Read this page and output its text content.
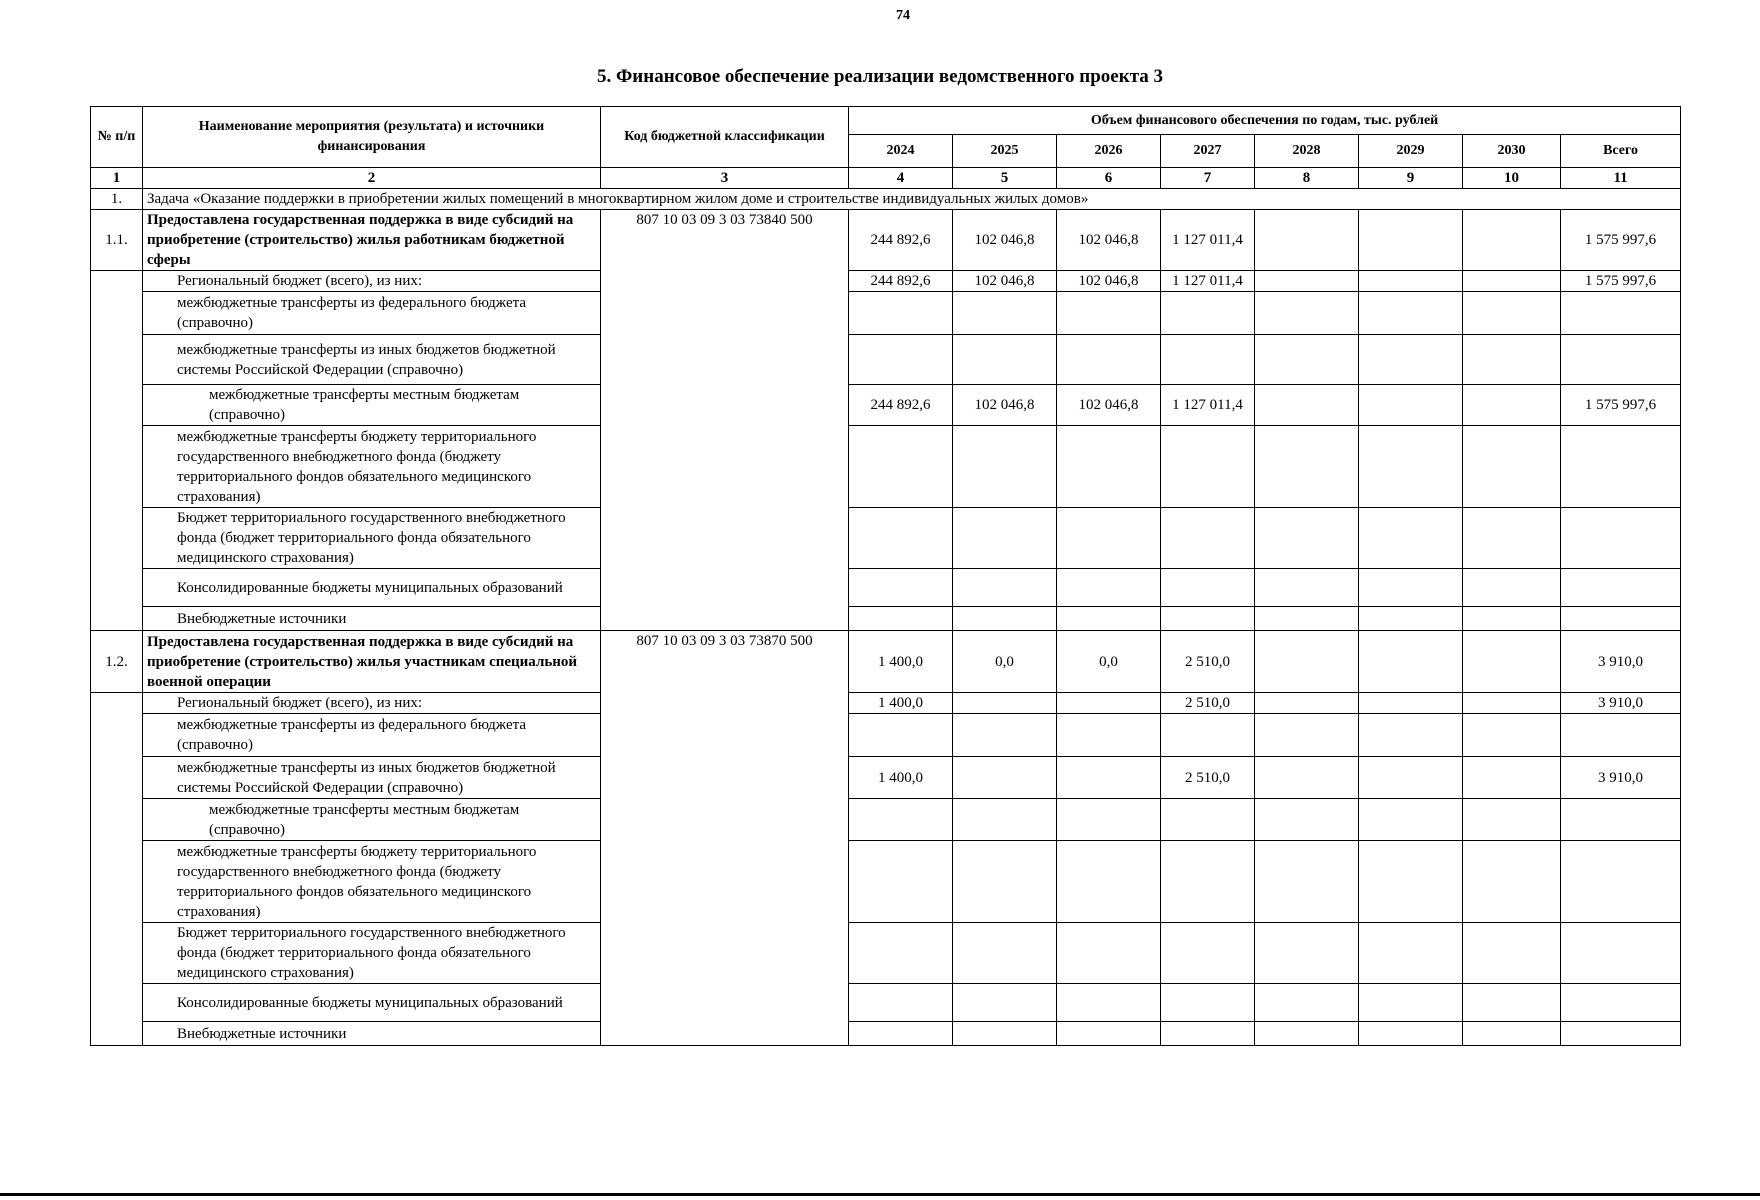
74
5. Финансовое обеспечение реализации ведомственного проекта 3
№ п/п	Наименование мероприятия (результата) и источники финансирования	Код бюджетной классификации	Объем финансового обеспечения по годам, тыс. рублей							
			2024	2025	2026	2027	2028	2029	2030	Всего
1	2	3	4	5	6	7	8	9	10	11
1.	Задача «Оказание поддержки в приобретении жилых помещений в многоквартирном жилом доме и строительстве индивидуальных жилых домов»									
1.1.	Предоставлена государственная поддержка в виде субсидий на приобретение (строительство) жилья работникам бюджетной сферы	807 10 03 09 3 03 73840 500	244 892,6	102 046,8	102 046,8	1 127 011,4				1 575 997,6
	Региональный бюджет (всего), из них:		244 892,6	102 046,8	102 046,8	1 127 011,4				1 575 997,6
	межбюджетные трансферты из федерального бюджета (справочно)									
	межбюджетные трансферты из иных бюджетов бюджетной системы Российской Федерации (справочно)									
	межбюджетные трансферты местным бюджетам (справочно)		244 892,6	102 046,8	102 046,8	1 127 011,4				1 575 997,6
	межбюджетные трансферты бюджету территориального государственного внебюджетного фонда (бюджету территориального фондов обязательного медицинского страхования)									
	Бюджет территориального государственного внебюджетного фонда (бюджет территориального фонда обязательного медицинского страхования)									
	Консолидированные бюджеты муниципальных образований									
	Внебюджетные источники									
1.2.	Предоставлена государственная поддержка в виде субсидий на приобретение (строительство) жилья участникам специальной военной операции	807 10 03 09 3 03 73870 500	1 400,0	0,0	0,0	2 510,0				3 910,0
	Региональный бюджет (всего), из них:		1 400,0			2 510,0				3 910,0
	межбюджетные трансферты из федерального бюджета (справочно)									
	межбюджетные трансферты из иных бюджетов бюджетной системы Российской Федерации (справочно)		1 400,0			2 510,0				3 910,0
	межбюджетные трансферты местным бюджетам (справочно)									
	межбюджетные трансферты бюджету территориального государственного внебюджетного фонда (бюджету территориального фондов обязательного медицинского страхования)									
	Бюджет территориального государственного внебюджетного фонда (бюджет территориального фонда обязательного медицинского страхования)									
	Консолидированные бюджеты муниципальных образований									
	Внебюджетные источники									
